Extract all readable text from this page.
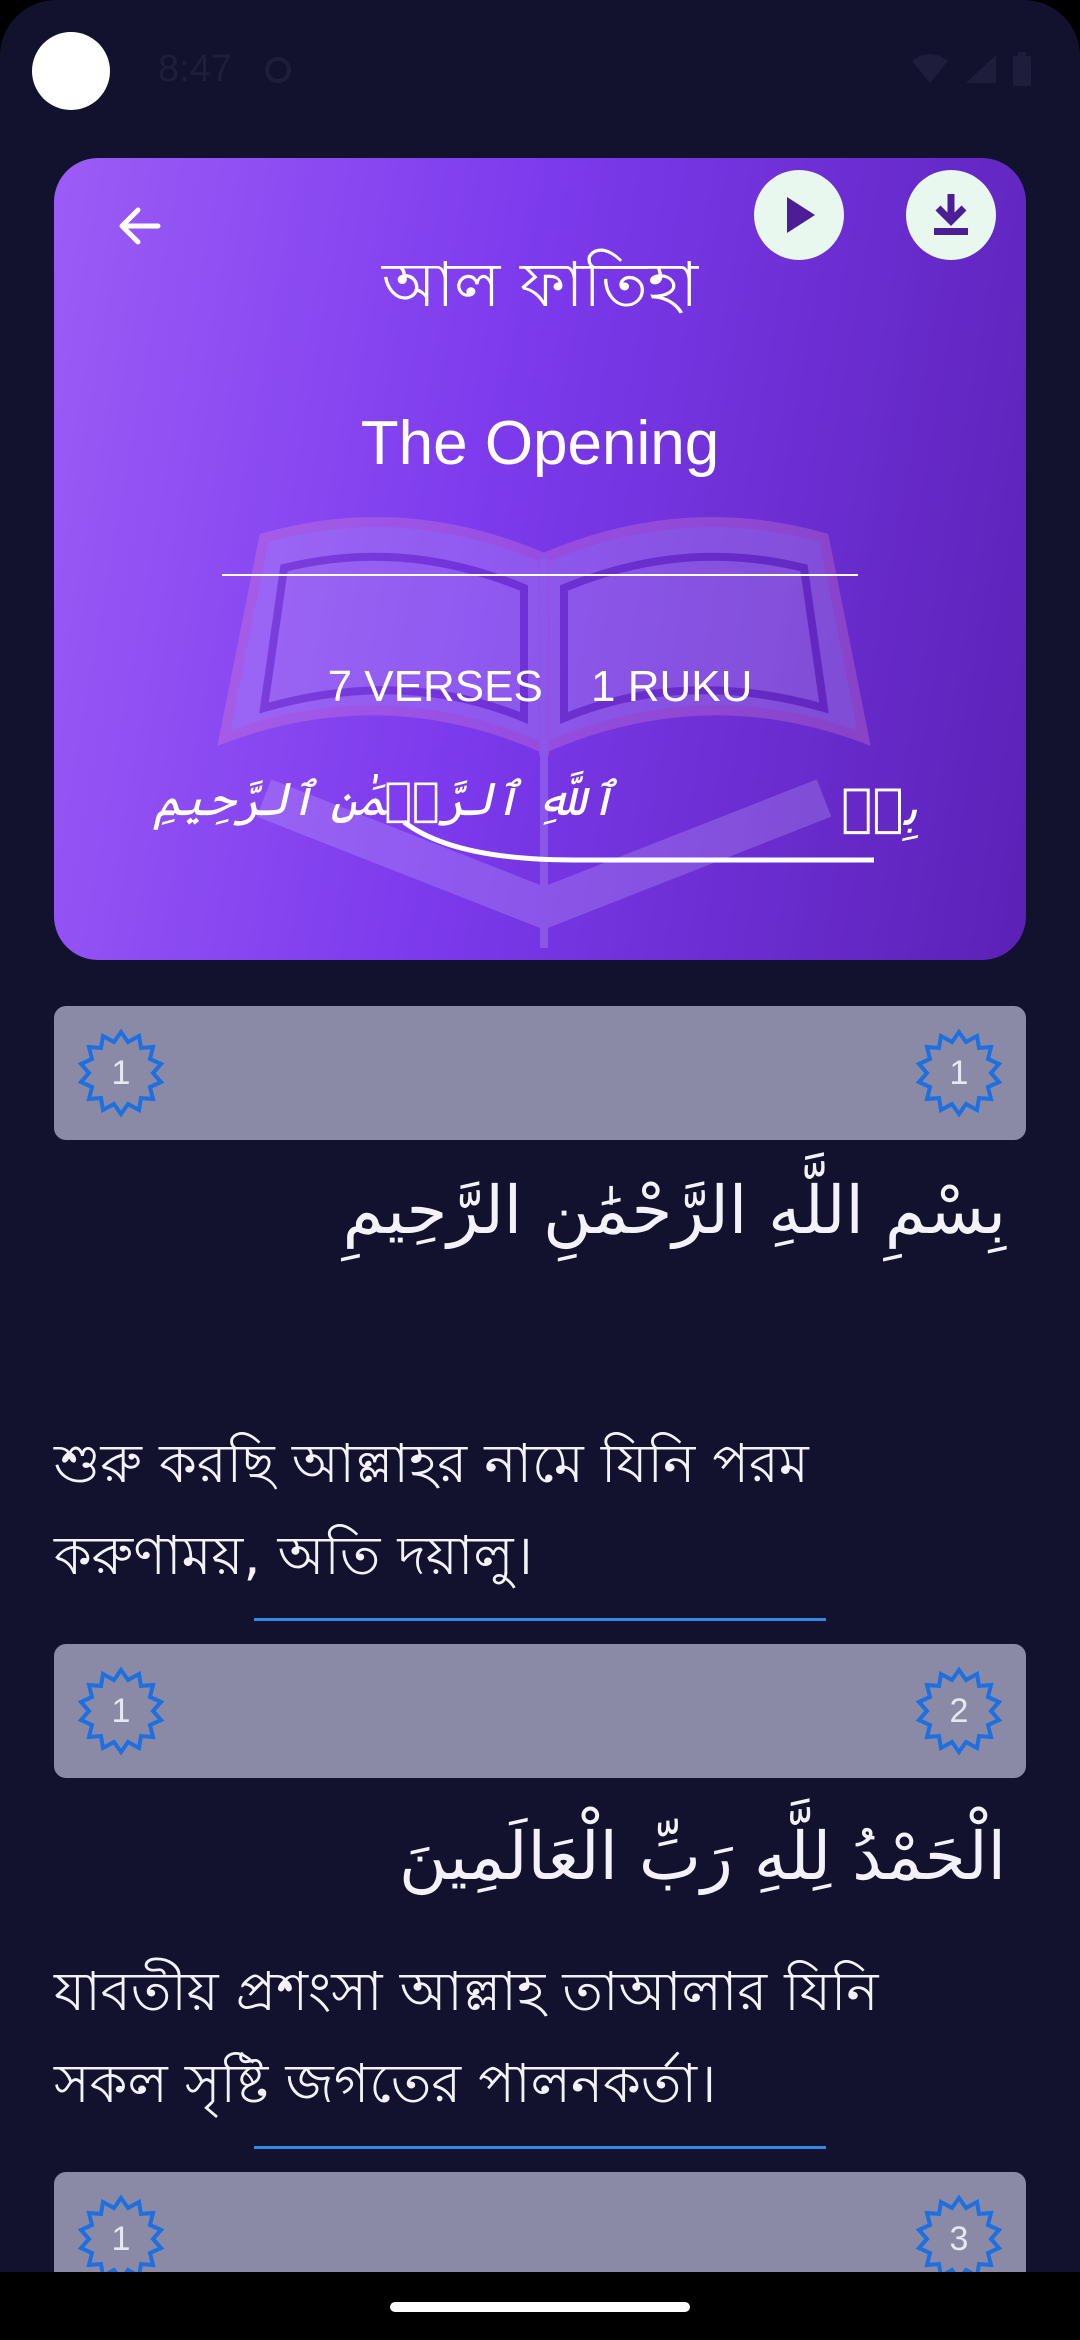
8:47
আল ফাতিহা
The Opening
7 VERSES 1 RUKU
بِسۡ
ٱللَّهِ ٱلرَّحۡمَٰنِ ٱلرَّحِيمِ
1	1
بِسْمِ اللَّهِ الرَّحْمَٰنِ الرَّحِيمِ
শুরু করছি আল্লাহর নামে যিনি পরম
করুণাময়, অতি দয়ালু।
1	2
الْحَمْدُ لِلَّهِ رَبِّ الْعَالَمِينَ
যাবতীয় প্রশংসা আল্লাহ তাআলার যিনি
সকল সৃষ্টি জগতের পালনকর্তা।
1	3
